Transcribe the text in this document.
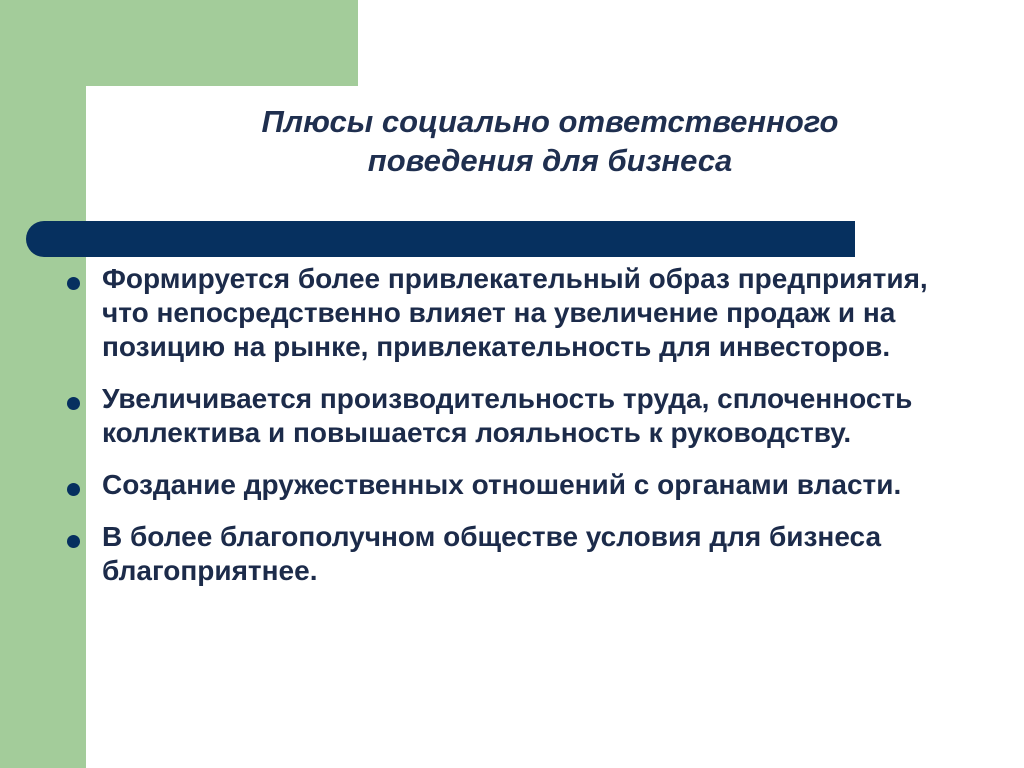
Плюсы социально ответственного
поведения для бизнеса
Формируется более привлекательный образ предприятия, что непосредственно влияет на увеличение продаж и на позицию на рынке, привлекательность для инвесторов.
Увеличивается производительность труда, сплоченность коллектива и повышается лояльность к руководству.
Создание дружественных отношений с органами власти.
В более благополучном обществе условия для бизнеса благоприятнее.
